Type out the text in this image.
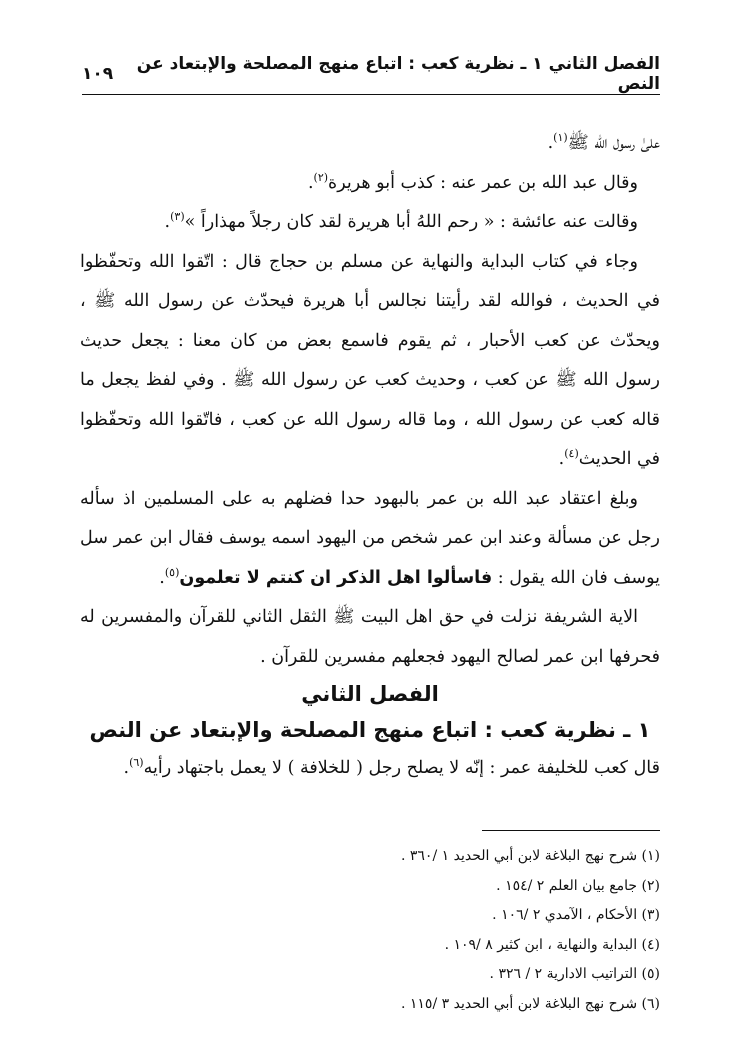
الفصل الثاني ١ ـ نظرية كعب : اتباع منهج المصلحة والإبتعاد عن النص
١٠٩

علىٰ رسول الله ﷺ$^{(١)}$.

وقال عبد الله بن عمر عنه : كذب أبو هريرة$^{(٢)}$.

وقالت عنه عائشة : « رحم اللهُ أبا هريرة لقد كان رجلاً مهذاراً »$^{(٣)}$.

وجاء في كتاب البداية والنهاية عن مسلم بن حجاج قال : اتّقوا الله وتحفّظوا في الحديث ، فوالله لقد رأيتنا نجالس أبا هريرة فيحدّث عن رسول الله ﷺ ، ويحدّث عن كعب الأحبار ، ثم يقوم فاسمع بعض من كان معنا : يجعل حديث رسول الله ﷺ عن كعب ، وحديث كعب عن رسول الله ﷺ . وفي لفظ يجعل ما قاله كعب عن رسول الله ، وما قاله رسول الله عن كعب ، فاتّقوا الله وتحفّظوا في الحديث$^{(٤)}$.

وبلغ اعتقاد عبد الله بن عمر بالبهود حدا فضلهم به على المسلمين اذ سأله رجل عن مسألة وعند ابن عمر شخص من اليهود اسمه يوسف فقال ابن عمر سل يوسف فان الله يقول : فاسألوا اهل الذكر ان كنتم لا تعلمون$^{(٥)}$.

الاية الشريفة نزلت في حق اهل البيت ﷺ الثقل الثاني للقرآن والمفسرين له فحرفها ابن عمر لصالح اليهود فجعلهم مفسرين للقرآن .

الفصل الثاني
١ ـ نظرية كعب : اتباع منهج المصلحة والإبتعاد عن النص
قال كعب للخليفة عمر : إنّه لا يصلح رجل ( للخلافة ) لا يعمل باجتهاد رأيه$^{(٦)}$.
(١) شرح نهج البلاغة لابن أبي الحديد ١ /٣٦٠ .
(٢) جامع بيان العلم ٢ /١٥٤ .
(٣) الأحكام ، الآمدي ٢ /١٠٦ .
(٤) البداية والنهاية ، ابن كثير ٨ /١٠٩ .
(٥) التراتيب الادارية ٢ / ٣٢٦ .
(٦) شرح نهج البلاغة لابن أبي الحديد ٣ /١١٥ .
